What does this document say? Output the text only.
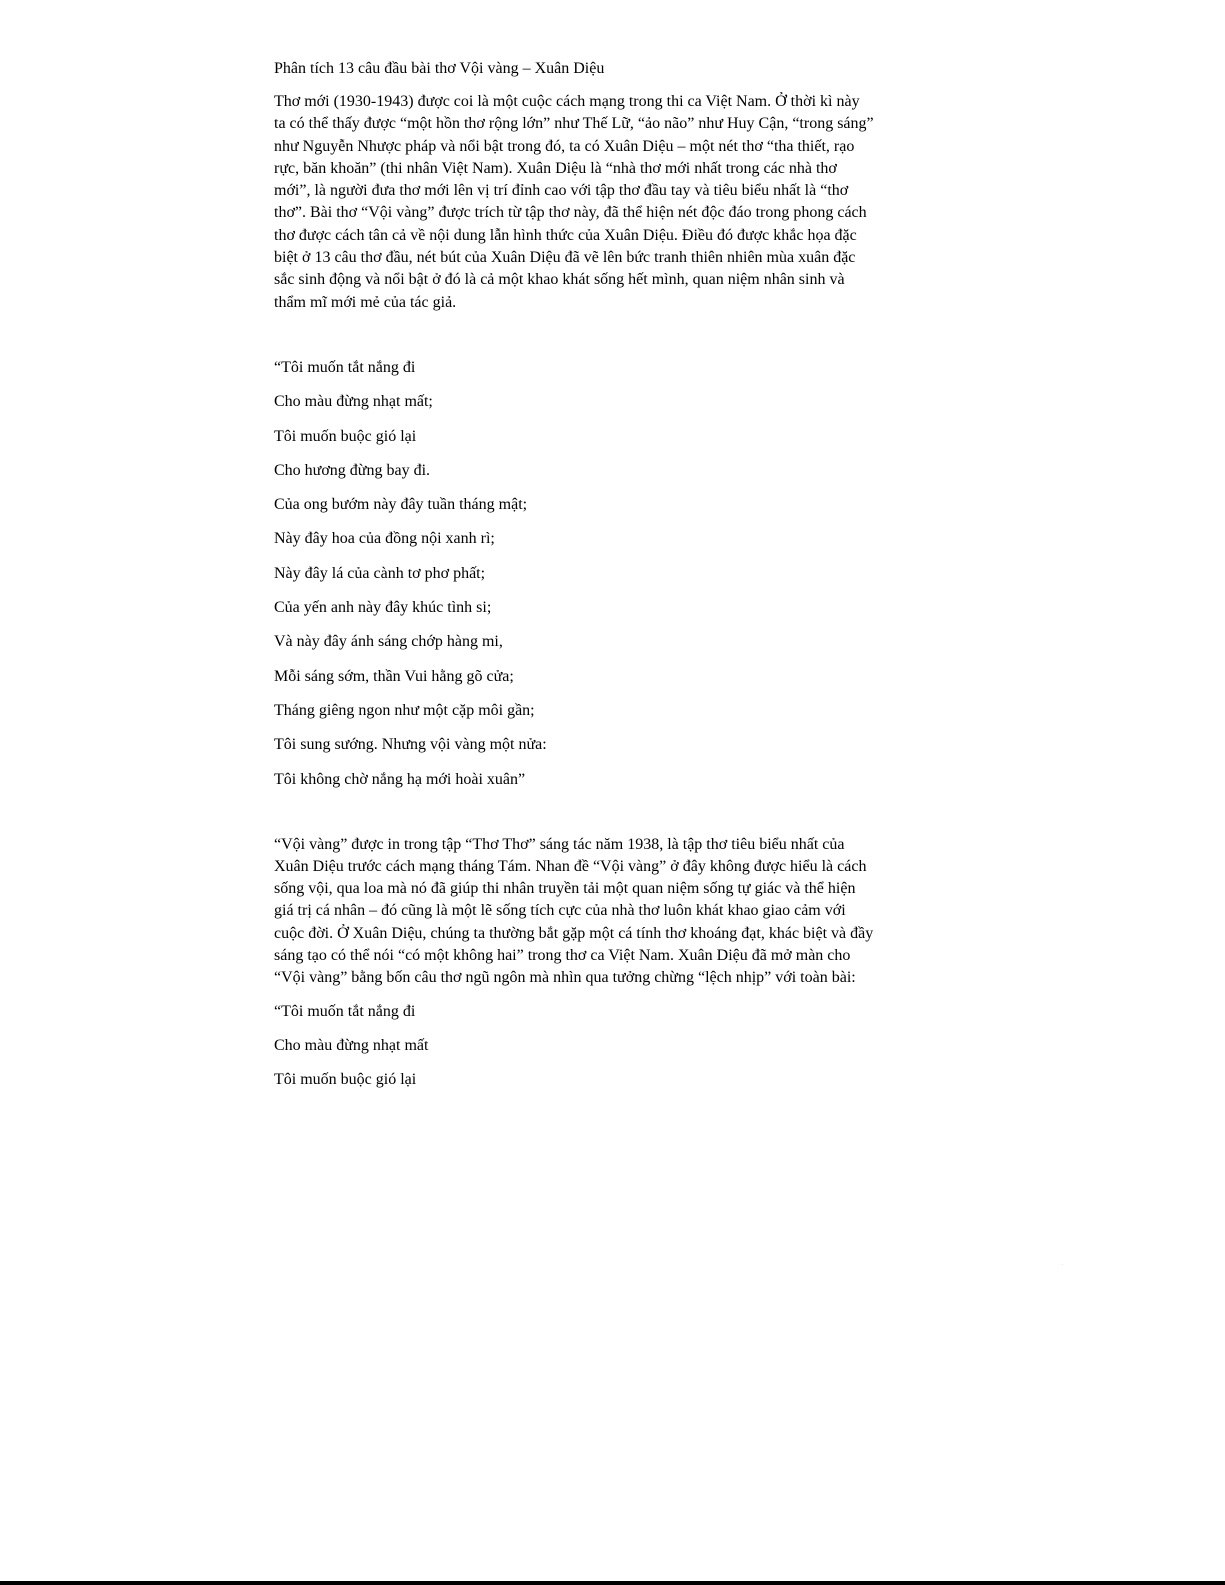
Phân tích 13 câu đầu bài thơ Vội vàng – Xuân Diệu

Thơ mới (1930-1943) được coi là một cuộc cách mạng trong thi ca Việt Nam. Ở thời kì này
ta có thể thấy được “một hồn thơ rộng lớn” như Thế Lữ, “ảo não” như Huy Cận, “trong sáng”
như Nguyễn Nhược pháp và nổi bật trong đó, ta có Xuân Diệu – một nét thơ “tha thiết, rạo
rực, băn khoăn” (thi nhân Việt Nam). Xuân Diệu là “nhà thơ mới nhất trong các nhà thơ
mới”, là người đưa thơ mới lên vị trí đỉnh cao với tập thơ đầu tay và tiêu biểu nhất là “thơ
thơ”. Bài thơ “Vội vàng” được trích từ tập thơ này, đã thể hiện nét độc đáo trong phong cách
thơ được cách tân cả về nội dung lẫn hình thức của Xuân Diệu. Điều đó được khắc họa đặc
biệt ở 13 câu thơ đầu, nét bút của Xuân Diệu đã vẽ lên bức tranh thiên nhiên mùa xuân đặc
sắc sinh động và nổi bật ở đó là cả một khao khát sống hết mình, quan niệm nhân sinh và
thẩm mĩ mới mẻ của tác giả.

“Tôi muốn tắt nắng đi
Cho màu đừng nhạt mất;
Tôi muốn buộc gió lại
Cho hương đừng bay đi.
Của ong bướm này đây tuần tháng mật;
Này đây hoa của đồng nội xanh rì;
Này đây lá của cành tơ phơ phất;
Của yến anh này đây khúc tình si;
Và này đây ánh sáng chớp hàng mi,
Mỗi sáng sớm, thần Vui hằng gõ cửa;
Tháng giêng ngon như một cặp môi gần;
Tôi sung sướng. Nhưng vội vàng một nửa:
Tôi không chờ nắng hạ mới hoài xuân”

“Vội vàng” được in trong tập “Thơ Thơ” sáng tác năm 1938, là tập thơ tiêu biểu nhất của
Xuân Diệu trước cách mạng tháng Tám. Nhan đề “Vội vàng” ở đây không được hiểu là cách
sống vội, qua loa mà nó đã giúp thi nhân truyền tải một quan niệm sống tự giác và thể hiện
giá trị cá nhân – đó cũng là một lẽ sống tích cực của nhà thơ luôn khát khao giao cảm với
cuộc đời. Ở Xuân Diệu, chúng ta thường bắt gặp một cá tính thơ khoáng đạt, khác biệt và đầy
sáng tạo có thể nói “có một không hai” trong thơ ca Việt Nam. Xuân Diệu đã mở màn cho
“Vội vàng” bằng bốn câu thơ ngũ ngôn mà nhìn qua tưởng chừng “lệch nhịp” với toàn bài:

“Tôi muốn tắt nắng đi
Cho màu đừng nhạt mất
Tôi muốn buộc gió lại
